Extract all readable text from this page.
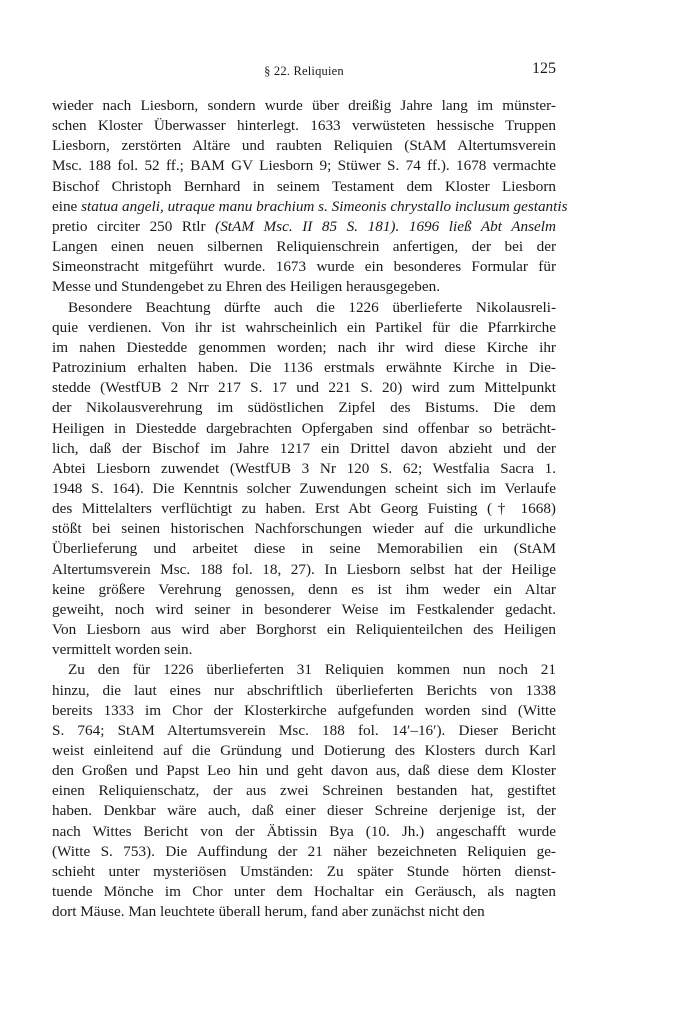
§ 22. Reliquien	125

wieder nach Liesborn, sondern wurde über dreißig Jahre lang im münster-
schen Kloster Überwasser hinterlegt. 1633 verwüsteten hessische Truppen
Liesborn, zerstörten Altäre und raubten Reliquien (StAM Altertumsverein
Msc. 188 fol. 52 ff.; BAM GV Liesborn 9; Stüwer S. 74 ff.). 1678 vermachte
Bischof Christoph Bernhard in seinem Testament dem Kloster Liesborn
eine statua angeli, utraque manu brachium s. Simeonis chrystallo inclusum gestantis
pretio circiter 250 Rtlr (StAM Msc. II 85 S. 181). 1696 ließ Abt Anselm
Langen einen neuen silbernen Reliquienschrein anfertigen, der bei der
Simeonstracht mitgeführt wurde. 1673 wurde ein besonderes Formular für
Messe und Stundengebet zu Ehren des Heiligen herausgegeben.

Besondere Beachtung dürfte auch die 1226 überlieferte Nikolausreli-
quie verdienen. Von ihr ist wahrscheinlich ein Partikel für die Pfarrkirche
im nahen Diestedde genommen worden; nach ihr wird diese Kirche ihr
Patrozinium erhalten haben. Die 1136 erstmals erwähnte Kirche in Die-
stedde (WestfUB 2 Nrr 217 S. 17 und 221 S. 20) wird zum Mittelpunkt
der Nikolausverehrung im südöstlichen Zipfel des Bistums. Die dem
Heiligen in Diestedde dargebrachten Opfergaben sind offenbar so beträcht-
lich, daß der Bischof im Jahre 1217 ein Drittel davon abzieht und der
Abtei Liesborn zuwendet (WestfUB 3 Nr 120 S. 62; Westfalia Sacra 1.
1948 S. 164). Die Kenntnis solcher Zuwendungen scheint sich im Verlaufe
des Mittelalters verflüchtigt zu haben. Erst Abt Georg Fuisting († 1668)
stößt bei seinen historischen Nachforschungen wieder auf die urkundliche
Überlieferung und arbeitet diese in seine Memorabilien ein (StAM
Altertumsverein Msc. 188 fol. 18, 27). In Liesborn selbst hat der Heilige
keine größere Verehrung genossen, denn es ist ihm weder ein Altar
geweiht, noch wird seiner in besonderer Weise im Festkalender gedacht.
Von Liesborn aus wird aber Borghorst ein Reliquienteilchen des Heiligen
vermittelt worden sein.

Zu den für 1226 überlieferten 31 Reliquien kommen nun noch 21
hinzu, die laut eines nur abschriftlich überlieferten Berichts von 1338
bereits 1333 im Chor der Klosterkirche aufgefunden worden sind (Witte
S. 764; StAM Altertumsverein Msc. 188 fol. 14′–16′). Dieser Bericht
weist einleitend auf die Gründung und Dotierung des Klosters durch Karl
den Großen und Papst Leo hin und geht davon aus, daß diese dem Kloster
einen Reliquienschatz, der aus zwei Schreinen bestanden hat, gestiftet
haben. Denkbar wäre auch, daß einer dieser Schreine derjenige ist, der
nach Wittes Bericht von der Äbtissin Bya (10. Jh.) angeschafft wurde
(Witte S. 753). Die Auffindung der 21 näher bezeichneten Reliquien ge-
schieht unter mysteriösen Umständen: Zu später Stunde hörten dienst-
tuende Mönche im Chor unter dem Hochaltar ein Geräusch, als nagten
dort Mäuse. Man leuchtete überall herum, fand aber zunächst nicht den
